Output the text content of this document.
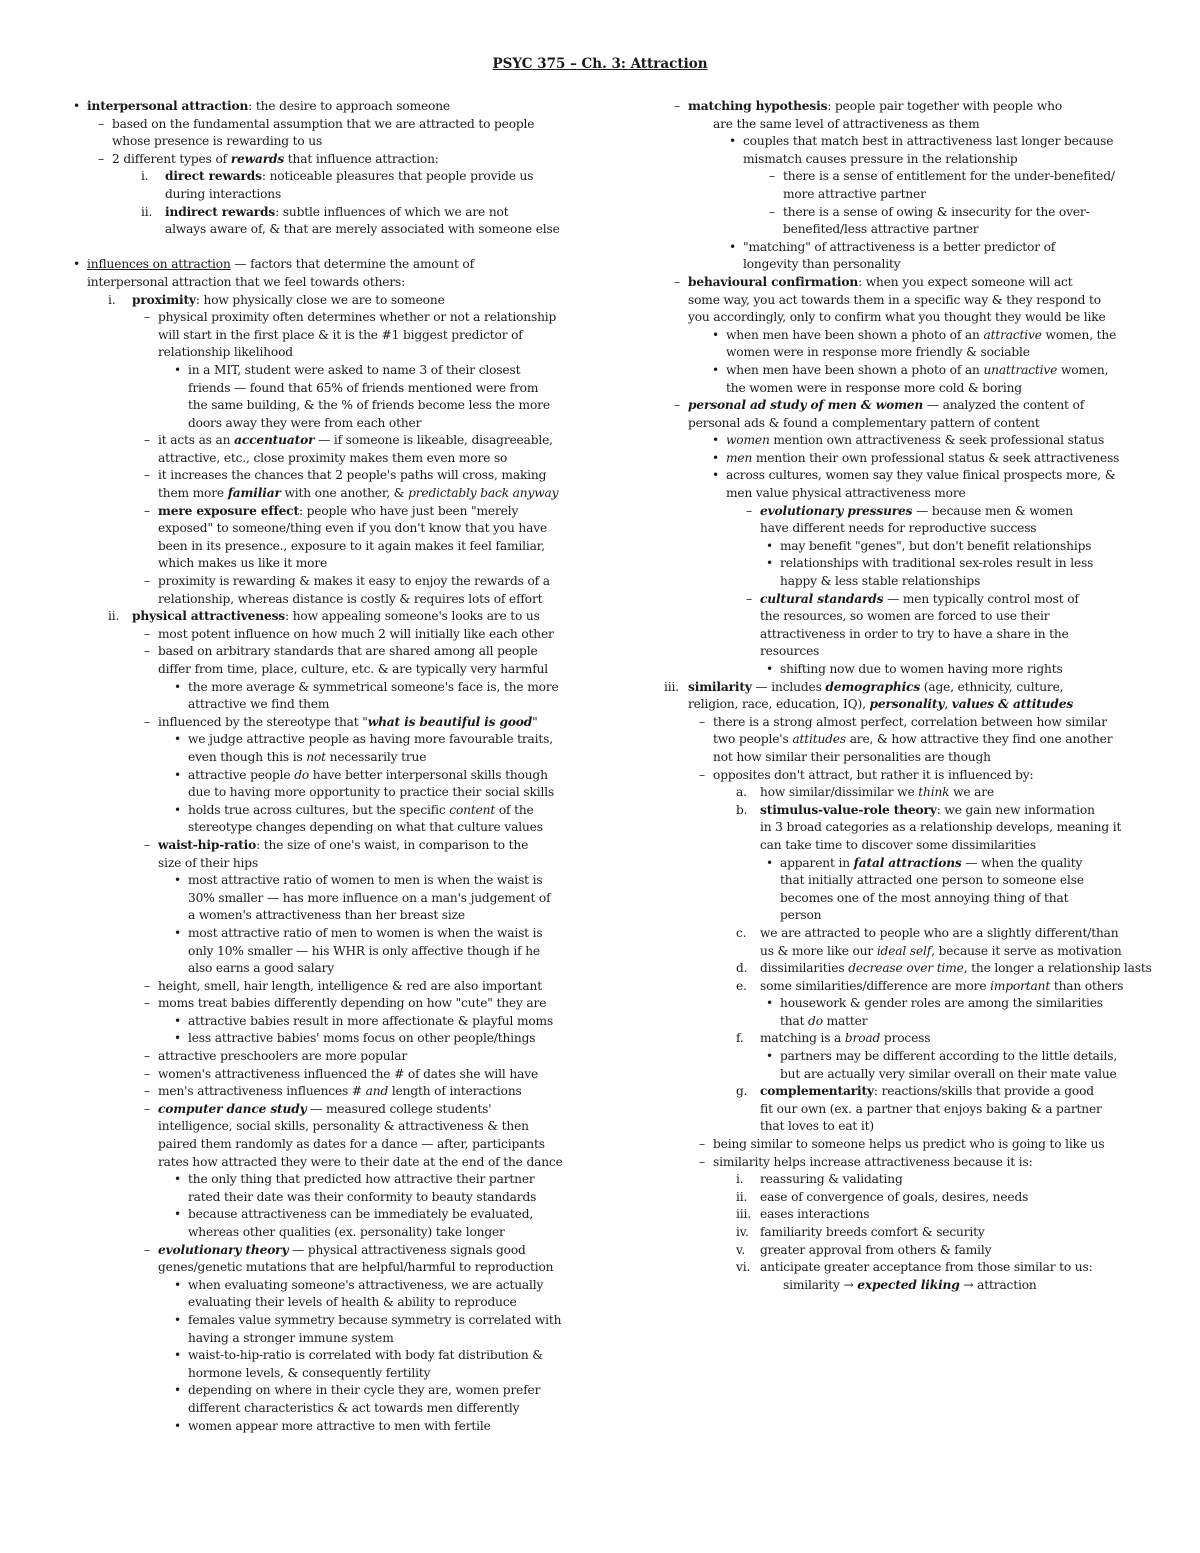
PSYC 375 – Ch. 3: Attraction
• interpersonal attraction: the desire to approach someone
– based on the fundamental assumption that we are attracted to people
whose presence is rewarding to us
– 2 different types of rewards that influence attraction:
i. direct rewards: noticeable pleasures that people provide us
during interactions
ii. indirect rewards: subtle influences of which we are not
always aware of, & that are merely associated with someone else
• influences on attraction — factors that determine the amount of
interpersonal attraction that we feel towards others:
i. proximity: how physically close we are to someone
– physical proximity often determines whether or not a relationship
will start in the first place & it is the #1 biggest predictor of
relationship likelihood
• in a MIT, student were asked to name 3 of their closest
friends — found that 65% of friends mentioned were from
the same building, & the % of friends become less the more
doors away they were from each other
– it acts as an accentuator — if someone is likeable, disagreeable,
attractive, etc., close proximity makes them even more so
– it increases the chances that 2 people's paths will cross, making
them more familiar with one another, & predictably back anyway
– mere exposure effect: people who have just been "merely
exposed" to someone/thing even if you don't know that you have
been in its presence., exposure to it again makes it feel familiar,
which makes us like it more
– proximity is rewarding & makes it easy to enjoy the rewards of a
relationship, whereas distance is costly & requires lots of effort
ii. physical attractiveness: how appealing someone's looks are to us
– most potent influence on how much 2 will initially like each other
– based on arbitrary standards that are shared among all people
differ from time, place, culture, etc. & are typically very harmful
• the more average & symmetrical someone's face is, the more
attractive we find them
– influenced by the stereotype that "what is beautiful is good"
• we judge attractive people as having more favourable traits,
even though this is not necessarily true
• attractive people do have better interpersonal skills though
due to having more opportunity to practice their social skills
• holds true across cultures, but the specific content of the
stereotype changes depending on what that culture values
– waist-hip-ratio: the size of one's waist, in comparison to the
size of their hips
• most attractive ratio of women to men is when the waist is
30% smaller — has more influence on a man's judgement of
a women's attractiveness than her breast size
• most attractive ratio of men to women is when the waist is
only 10% smaller — his WHR is only affective though if he
also earns a good salary
– height, smell, hair length, intelligence & red are also important
– moms treat babies differently depending on how "cute" they are
• attractive babies result in more affectionate & playful moms
• less attractive babies' moms focus on other people/things
– attractive preschoolers are more popular
– women's attractiveness influenced the # of dates she will have
– men's attractiveness influences # and length of interactions
– computer dance study — measured college students'
intelligence, social skills, personality & attractiveness & then
paired them randomly as dates for a dance — after, participants
rates how attracted they were to their date at the end of the dance
• the only thing that predicted how attractive their partner
rated their date was their conformity to beauty standards
• because attractiveness can be immediately be evaluated,
whereas other qualities (ex. personality) take longer
– evolutionary theory — physical attractiveness signals good
genes/genetic mutations that are helpful/harmful to reproduction
• when evaluating someone's attractiveness, we are actually
evaluating their levels of health & ability to reproduce
• females value symmetry because symmetry is correlated with
having a stronger immune system
• waist-to-hip-ratio is correlated with body fat distribution &
hormone levels, & consequently fertility
• depending on where in their cycle they are, women prefer
different characteristics & act towards men differently
• women appear more attractive to men with fertile
– matching hypothesis: people pair together with people who
are the same level of attractiveness as them
• couples that match best in attractiveness last longer because
mismatch causes pressure in the relationship
– there is a sense of entitlement for the under-benefited/
more attractive partner
– there is a sense of owing & insecurity for the over-
benefited/less attractive partner
• "matching" of attractiveness is a better predictor of
longevity than personality
– behavioural confirmation: when you expect someone will act
some way, you act towards them in a specific way & they respond to
you accordingly, only to confirm what you thought they would be like
• when men have been shown a photo of an attractive women, the
women were in response more friendly & sociable
• when men have been shown a photo of an unattractive women,
the women were in response more cold & boring
– personal ad study of men & women — analyzed the content of
personal ads & found a complementary pattern of content
• women mention own attractiveness & seek professional status
• men mention their own professional status & seek attractiveness
• across cultures, women say they value finical prospects more, &
men value physical attractiveness more
– evolutionary pressures — because men & women
have different needs for reproductive success
• may benefit "genes", but don't benefit relationships
• relationships with traditional sex-roles result in less
happy & less stable relationships
– cultural standards — men typically control most of
the resources, so women are forced to use their
attractiveness in order to try to have a share in the
resources
• shifting now due to women having more rights
iii. similarity — includes demographics (age, ethnicity, culture,
religion, race, education, IQ), personality, values & attitudes
– there is a strong almost perfect, correlation between how similar
two people's attitudes are, & how attractive they find one another
not how similar their personalities are though
– opposites don't attract, but rather it is influenced by:
a. how similar/dissimilar we think we are
b. stimulus-value-role theory: we gain new information
in 3 broad categories as a relationship develops, meaning it
can take time to discover some dissimilarities
• apparent in fatal attractions — when the quality
that initially attracted one person to someone else
becomes one of the most annoying thing of that
person
c. we are attracted to people who are a slightly different/than
us & more like our ideal self, because it serve as motivation
d. dissimilarities decrease over time, the longer a relationship lasts
e. some similarities/difference are more important than others
• housework & gender roles are among the similarities
that do matter
f. matching is a broad process
• partners may be different according to the little details,
but are actually very similar overall on their mate value
g. complementarity: reactions/skills that provide a good
fit our own (ex. a partner that enjoys baking & a partner
that loves to eat it)
– being similar to someone helps us predict who is going to like us
– similarity helps increase attractiveness because it is:
i. reassuring & validating
ii. ease of convergence of goals, desires, needs
iii. eases interactions
iv. familiarity breeds comfort & security
v. greater approval from others & family
vi. anticipate greater acceptance from those similar to us:
similarity → expected liking → attraction
